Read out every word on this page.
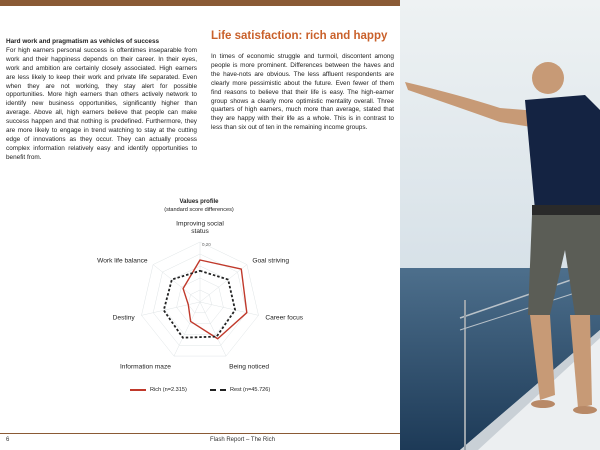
Hard work and pragmatism as vehicles of success

For high earners personal success is oftentimes inseparable from work and their happiness depends on their career. In their eyes, work and ambition are certainly closely associated. High earners are less likely to keep their work and private life separated. Even when they are not working, they stay alert for possible opportunities. More high earners than others actively network to identify new business opportunities, significantly higher than average. Above all, high earners believe that people can make success happen and that nothing is predefined. Furthermore, they are more likely to engage in trend watching to stay at the cutting edge of innovations as they occur. They can actually process complex information relatively easy and identify opportunities to benefit from.

Life satisfaction: rich and happy

In times of economic struggle and turmoil, discontent among people is more prominent. Differences between the haves and the have-nots are obvious. The less affluent respondents are clearly more pessimistic about the future. Even fewer of them find reasons to believe that their life is easy. The high-earner group shows a clearly more optimistic mentality overall. Three quarters of high earners, much more than average, stated that they are happy with their life as a whole. This is in contrast to less than six out of ten in the remaining income groups.

Values profile
(standard score differences)
0,20
Improving social status
Goal striving
Career focus
Being noticed
Information maze
Destiny
Work life balance
Rich (n=2.315)	Rest (n=45.726)
6	Flash Report – The Rich
